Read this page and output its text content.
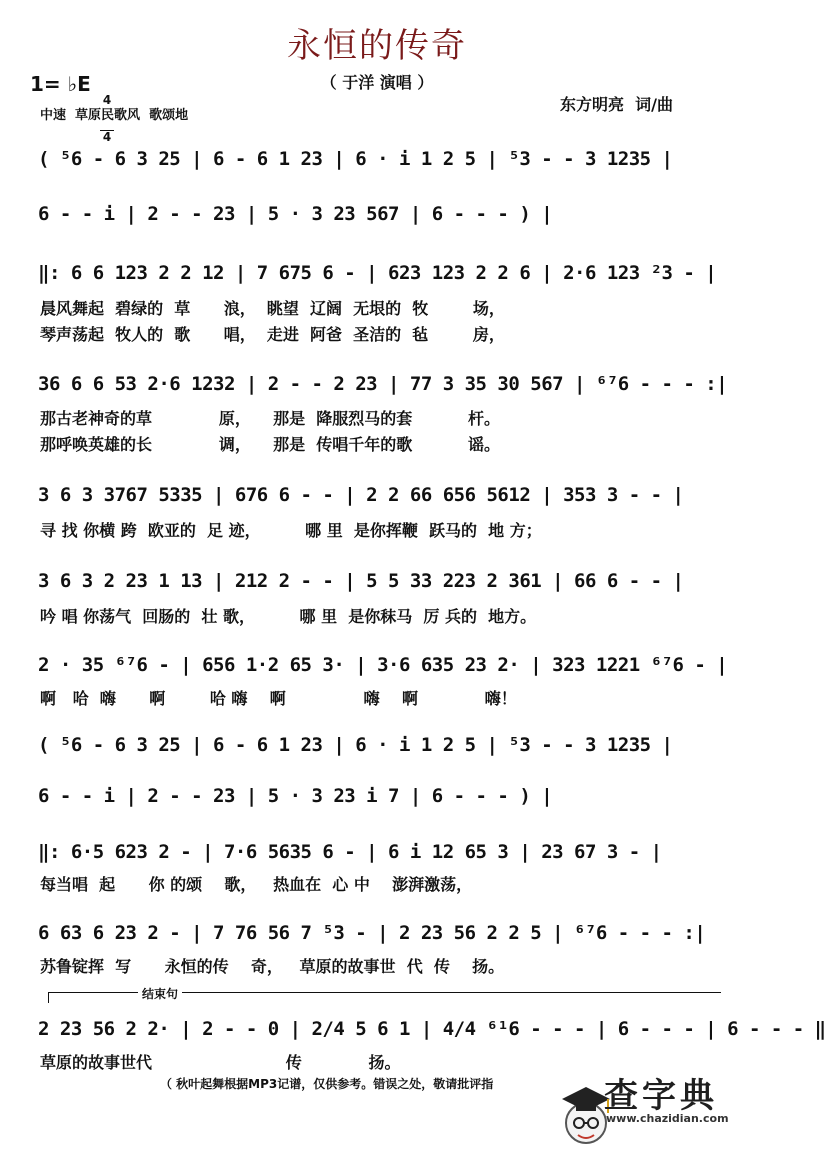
永恒的传奇
（ 于洋 演唱 ）
1= ♭E

4

4

中速  草原民歌风  歌颂地
东方明亮  词/曲
( ⁵6 - 6 3 25 | 6 - 6 1 23 | 6 · i 1 2 5 | ⁵3 - - 3 1235 |
6 - - i | 2 - - 23 | 5 · 3 23 567 | 6 - - - ) |
‖: 6 6 123 2 2 12 | 7 675 6 - | 623 123 2 2 6 | 2·6 123 ²3 - |
晨风舞起  碧绿的  草      浪，  眺望  辽阔  无垠的  牧        场，
琴声荡起  牧人的  歌      唱，  走进  阿爸  圣洁的  毡        房，
36 6 6 53 2·6 1232 | 2 - - 2 23 | 77 3 35 30 567 | ⁶⁷6 - - - :|
那古老神奇的草            原，    那是  降服烈马的套          杆。
那呼唤英雄的长            调，    那是  传唱千年的歌          谣。
3 6 3 3767 5335 | 676 6 - - | 2 2 66 656 5612 | 353 3 - - |
寻 找 你横 跨  欧亚的  足 迹，        哪 里  是你挥鞭  跃马的  地 方；
3 6 3 2 23 1 13 | 212 2 - - | 5 5 33 223 2 361 | 66 6 - - |
吟 唱 你荡气  回肠的  壮 歌，        哪 里  是你秣马  厉 兵的  地方。
2 · 35 ⁶⁷6 - | 656 1·2 65 3· | 3·6 635 23 2· | 323 1221 ⁶⁷6 - |
啊   哈  嗨      啊        哈 嗨    啊              嗨    啊            嗨！
( ⁵6 - 6 3 25 | 6 - 6 1 23 | 6 · i 1 2 5 | ⁵3 - - 3 1235 |
6 - - i | 2 - - 23 | 5 · 3 23 i 7 | 6 - - - ) |
‖: 6·5 623 2 - | 7·6 5635 6 - | 6 i 12 65 3 | 23 67 3 - |
每当唱  起      你 的颂    歌，   热血在  心 中    澎湃激荡，
6 63 6 23 2 - | 7 76 56 7 ⁵3 - | 2 23 56 2 2 5 | ⁶⁷6 - - - :|
苏鲁锭挥  写      永恒的传    奇，   草原的故事世  代  传    扬。
结束句
2 23 56 2 2· | 2 - - 0 | 2/4 5 6 1 | 4/4 ⁶¹6 - - - | 6 - - - | 6 - - - ‖
草原的故事世代                        传            扬。
（ 秋叶起舞根据MP3记谱，仅供参考。错误之处，敬请批评指

	查字典
www.chazidian.com
